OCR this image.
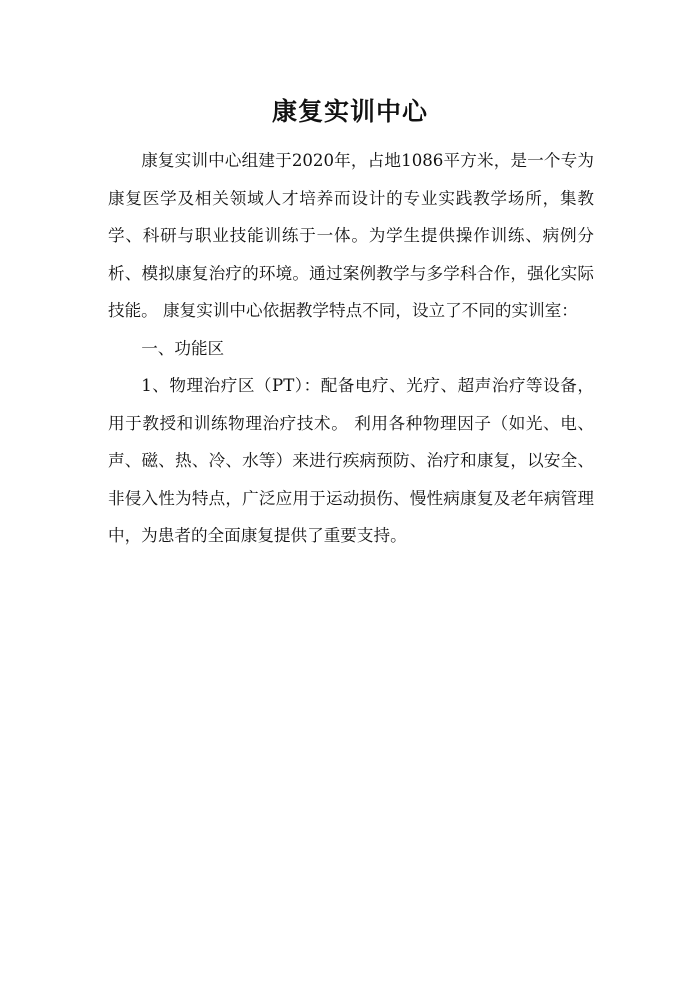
康复实训中心

康复实训中心组建于2020年，占地1086平方米，是一个专为康复医学及相关领域人才培养而设计的专业实践教学场所，集教学、科研与职业技能训练于一体。为学生提供操作训练、病例分析、模拟康复治疗的环境。通过案例教学与多学科合作，强化实际技能。 康复实训中心依据教学特点不同，设立了不同的实训室：

一、功能区

1、物理治疗区（PT）：配备电疗、光疗、超声治疗等设备，用于教授和训练物理治疗技术。 利用各种物理因子（如光、电、声、磁、热、冷、水等）来进行疾病预防、治疗和康复，以安全、非侵入性为特点，广泛应用于运动损伤、慢性病康复及老年病管理中，为患者的全面康复提供了重要支持。
